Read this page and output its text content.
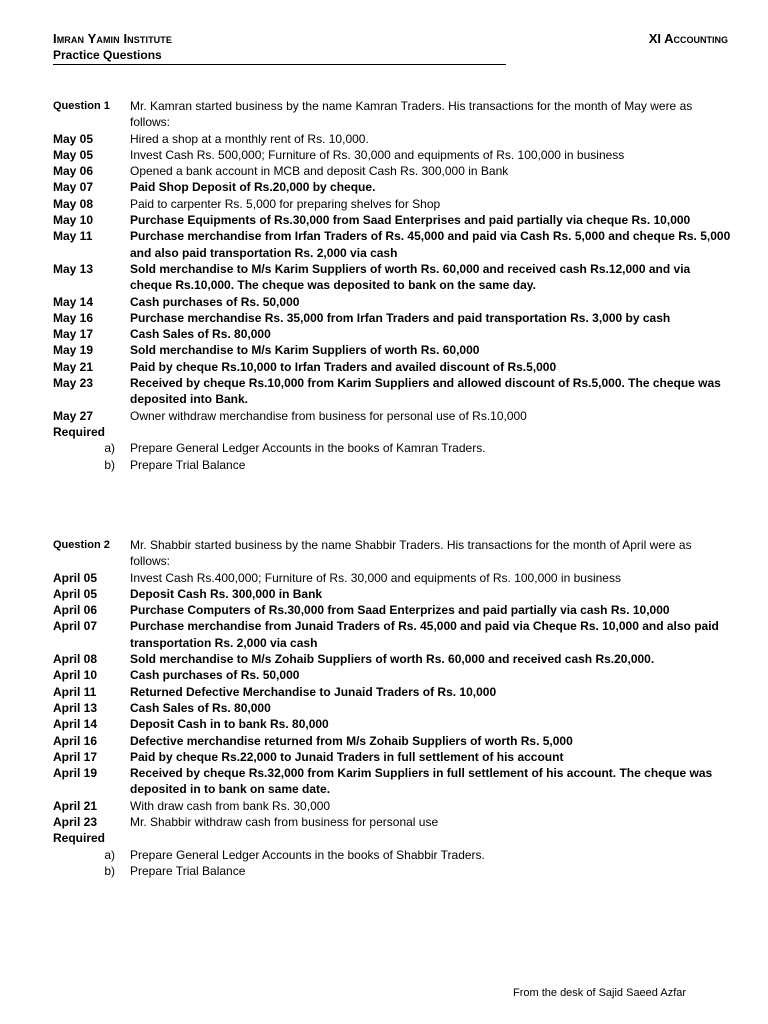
Imran Yamin Institute
Practice Questions
XI Accounting
Question 1	Mr. Kamran started business by the name Kamran Traders. His transactions for the month of May were as follows:
May 05	Hired a shop at a monthly rent of Rs. 10,000.
May 05	Invest Cash Rs. 500,000; Furniture of Rs. 30,000 and equipments of Rs. 100,000 in business
May 06	Opened a bank account in MCB and deposit Cash Rs. 300,000 in Bank
May 07	Paid Shop Deposit of Rs.20,000 by cheque.
May 08	Paid to carpenter Rs. 5,000 for preparing shelves for Shop
May 10	Purchase Equipments of Rs.30,000 from Saad Enterprises and paid partially via cheque Rs. 10,000
May 11	Purchase merchandise from Irfan Traders of Rs. 45,000 and paid via Cash Rs. 5,000 and cheque Rs. 5,000 and also paid transportation Rs. 2,000 via cash
May 13	Sold merchandise to M/s Karim Suppliers of worth Rs. 60,000 and received cash Rs.12,000 and via cheque Rs.10,000. The cheque was deposited to bank on the same day.
May 14	Cash purchases of Rs. 50,000
May 16	Purchase merchandise Rs. 35,000 from Irfan Traders and paid transportation Rs. 3,000 by cash
May 17	Cash Sales of Rs. 80,000
May 19	Sold merchandise to M/s Karim Suppliers of worth Rs. 60,000
May 21	Paid by cheque Rs.10,000 to Irfan Traders and availed discount of Rs.5,000
May 23	Received by cheque Rs.10,000 from Karim Suppliers and allowed discount of Rs.5,000. The cheque was deposited into Bank.
May 27	Owner withdraw merchandise from business for personal use of Rs.10,000
Required
a)	Prepare General Ledger Accounts in the books of Kamran Traders.
b)	Prepare Trial Balance
Question 2	Mr. Shabbir started business by the name Shabbir Traders. His transactions for the month of April were as follows:
April 05	Invest Cash Rs.400,000; Furniture of Rs. 30,000 and equipments of Rs. 100,000 in business
April 05	Deposit Cash Rs. 300,000 in Bank
April 06	Purchase Computers of Rs.30,000 from Saad Enterprizes and paid partially via cash Rs. 10,000
April 07	Purchase merchandise from Junaid Traders of Rs. 45,000 and paid via Cheque Rs. 10,000 and also paid transportation Rs. 2,000 via cash
April 08	Sold merchandise to M/s Zohaib Suppliers of worth Rs. 60,000 and received cash Rs.20,000.
April 10	Cash purchases of Rs. 50,000
April 11	Returned Defective Merchandise to Junaid Traders of Rs. 10,000
April 13	Cash Sales of Rs. 80,000
April 14	Deposit Cash in to bank Rs. 80,000
April 16	Defective merchandise returned from M/s Zohaib Suppliers of worth Rs. 5,000
April 17	Paid by cheque Rs.22,000 to Junaid Traders in full settlement of his account
April 19	Received by cheque Rs.32,000 from Karim Suppliers in full settlement of his account. The cheque was deposited in to bank on same date.
April 21	With draw cash from bank Rs. 30,000
April 23	Mr. Shabbir withdraw cash from business for personal use
Required
a)	Prepare General Ledger Accounts in the books of Shabbir Traders.
b)	Prepare Trial Balance
From the desk of Sajid Saeed Azfar
